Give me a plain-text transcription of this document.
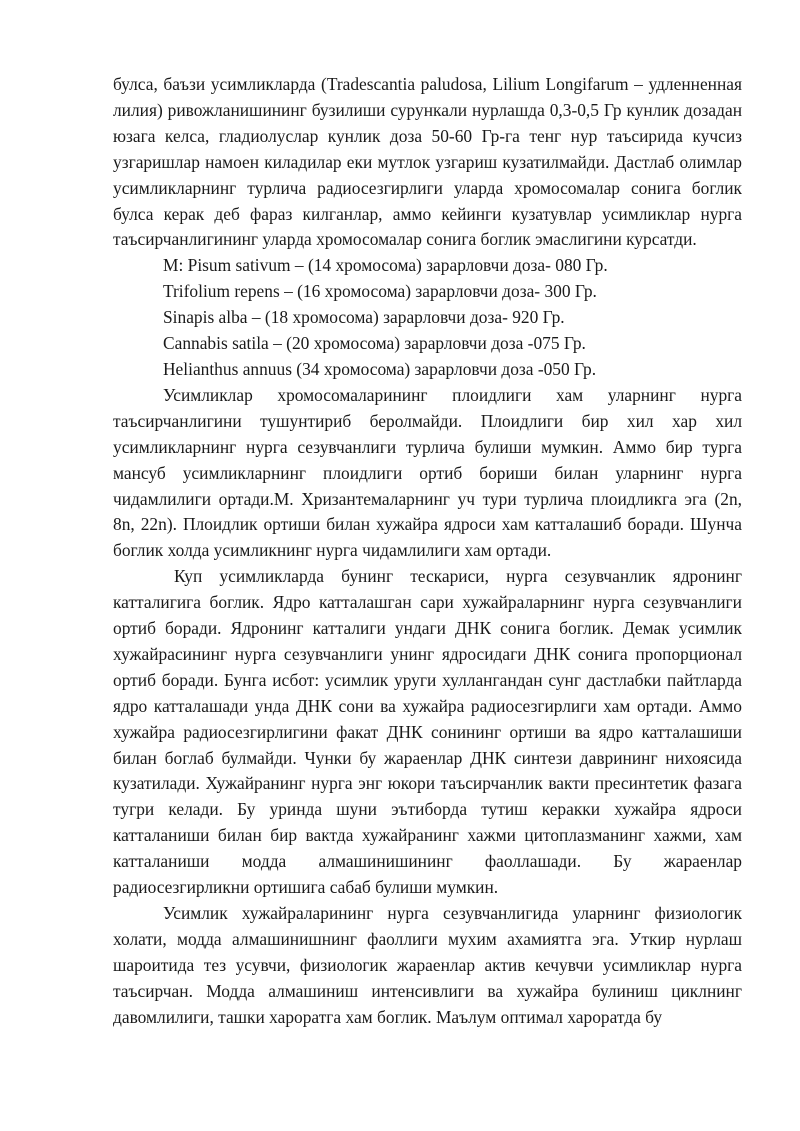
булса, баъзи усимликларда (Tradescantia paludosa, Lilium Longifarum – удленненная лилия) ривожланишининг бузилиши сурункали нурлашда 0,3-0,5 Гр кунлик дозадан юзага келса, гладиолуслар кунлик доза 50-60 Гр-га тенг нур таъсирида кучсиз узгаришлар намоен киладилар еки мутлок узгариш кузатилмайди. Дастлаб олимлар усимликларнинг турлича радиосезгирлиги уларда хромосомалар сонига боглик булса керак деб фараз килганлар, аммо кейинги кузатувлар усимликлар нурга таъсирчанлигининг уларда хромосомалар сонига боглик эмаслигини курсатди.

M: Pisum sativum – (14 хромосома) зарарловчи доза- 080 Гр.

Trifolium repens – (16 хромосома) зарарловчи доза- 300 Гр.

Sinapis alba – (18 хромосома) зарарловчи доза- 920 Гр.

Cannabis satila – (20 хромосома) зарарловчи доза -075 Гр.

Helianthus annuus (34 хромосома) зарарловчи доза -050 Гр.

Усимликлар хромосомаларининг плоидлиги хам уларнинг нурга таъсирчанлигини тушунтириб беролмайди. Плоидлиги бир хил хар хил усимликларнинг нурга сезувчанлиги турлича булиши мумкин. Аммо бир турга мансуб усимликларнинг плоидлиги ортиб бориши билан уларнинг нурга чидамлилиги ортади.М. Хризантемаларнинг уч тури турлича плоидликга эга (2n, 8n, 22n). Плоидлик ортиши билан хужайра ядроси хам катталашиб боради. Шунча боглик холда усимликнинг нурга чидамлилиги хам ортади.

Куп усимликларда бунинг тескариси, нурга сезувчанлик ядронинг катталигига боглик. Ядро катталашган сари хужайраларнинг нурга сезувчанлиги ортиб боради. Ядронинг катталиги ундаги ДНК сонига боглик. Демак усимлик хужайрасининг нурга сезувчанлиги унинг ядросидаги ДНК сонига пропорционал ортиб боради. Бунга исбот: усимлик уруги хуллангандан сунг дастлабки пайтларда ядро катталашади унда ДНК сони ва хужайра радиосезгирлиги хам ортади. Аммо хужайра радиосезгирлигини факат ДНК сонининг ортиши ва ядро катталашиши билан боглаб булмайди. Чунки бу жараенлар ДНК синтези даврининг нихоясида кузатилади. Хужайранинг нурга энг юкори таъсирчанлик вакти пресинтетик фазага тугри келади. Бу уринда шуни эътиборда тутиш керакки хужайра ядроси катталаниши билан бир вактда хужайранинг хажми цитоплазманинг хажми, хам катталаниши модда алмашинишининг фаоллашади. Бу жараенлар радиосезгирликни ортишига сабаб булиши мумкин.

Усимлик хужайраларининг нурга сезувчанлигида уларнинг физиологик холати, модда алмашинишнинг фаоллиги мухим ахамиятга эга. Уткир нурлаш шароитида тез усувчи, физиологик жараенлар актив кечувчи усимликлар нурга таъсирчан. Модда алмашиниш интенсивлиги ва хужайра булиниш циклнинг давомлилиги, ташки хароратга хам боглик. Маълум оптимал хароратда бу
